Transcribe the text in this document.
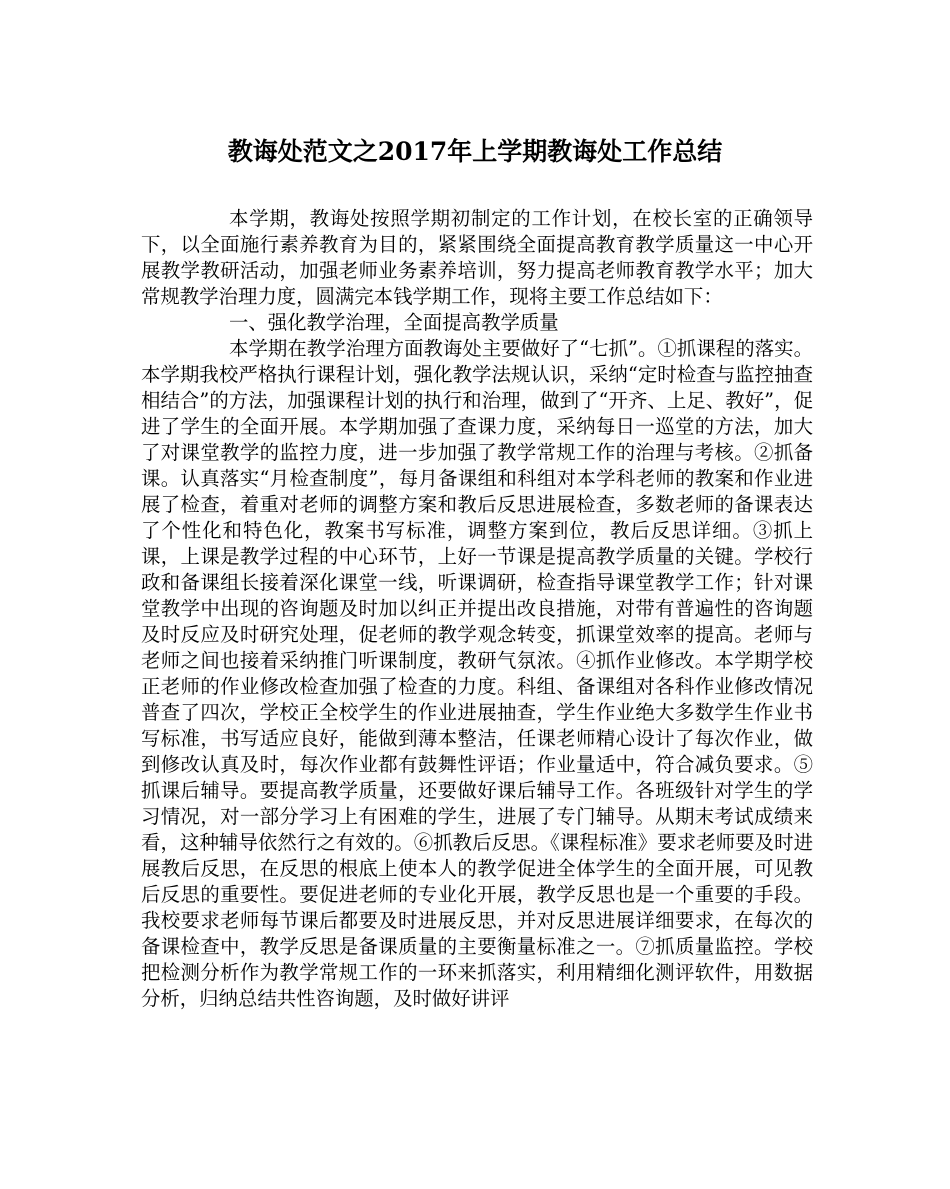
教诲处范文之2017年上学期教诲处工作总结

本学期，教诲处按照学期初制定的工作计划，在校长室的正确领导下，以全面施行素养教育为目的，紧紧围绕全面提高教育教学质量这一中心开展教学教研活动，加强老师业务素养培训，努力提高老师教育教学水平；加大常规教学治理力度，圆满完本钱学期工作，现将主要工作总结如下：

一、强化教学治理，全面提高教学质量

本学期在教学治理方面教诲处主要做好了“七抓”。①抓课程的落实。本学期我校严格执行课程计划，强化教学法规认识，采纳“定时检查与监控抽查相结合”的方法，加强课程计划的执行和治理，做到了“开齐、上足、教好”，促进了学生的全面开展。本学期加强了查课力度，采纳每日一巡堂的方法，加大了对课堂教学的监控力度，进一步加强了教学常规工作的治理与考核。②抓备课。认真落实“月检查制度”，每月备课组和科组对本学科老师的教案和作业进展了检查，着重对老师的调整方案和教后反思进展检查，多数老师的备课表达了个性化和特色化，教案书写标准，调整方案到位，教后反思详细。③抓上课，上课是教学过程的中心环节，上好一节课是提高教学质量的关键。学校行政和备课组长接着深化课堂一线，听课调研，检查指导课堂教学工作；针对课堂教学中出现的咨询题及时加以纠正并提出改良措施，对带有普遍性的咨询题及时反应及时研究处理，促老师的教学观念转变，抓课堂效率的提高。老师与老师之间也接着采纳推门听课制度，教研气氛浓。④抓作业修改。本学期学校正老师的作业修改检查加强了检查的力度。科组、备课组对各科作业修改情况普查了四次，学校正全校学生的作业进展抽查，学生作业绝大多数学生作业书写标准，书写适应良好，能做到薄本整洁，任课老师精心设计了每次作业，做到修改认真及时，每次作业都有鼓舞性评语；作业量适中，符合减负要求。⑤抓课后辅导。要提高教学质量，还要做好课后辅导工作。各班级针对学生的学习情况，对一部分学习上有困难的学生，进展了专门辅导。从期末考试成绩来看，这种辅导依然行之有效的。⑥抓教后反思。《课程标准》要求老师要及时进展教后反思，在反思的根底上使本人的教学促进全体学生的全面开展，可见教后反思的重要性。要促进老师的专业化开展，教学反思也是一个重要的手段。我校要求老师每节课后都要及时进展反思，并对反思进展详细要求，在每次的备课检查中，教学反思是备课质量的主要衡量标准之一。⑦抓质量监控。学校把检测分析作为教学常规工作的一环来抓落实，利用精细化测评软件，用数据分析，归纳总结共性咨询题，及时做好讲评
